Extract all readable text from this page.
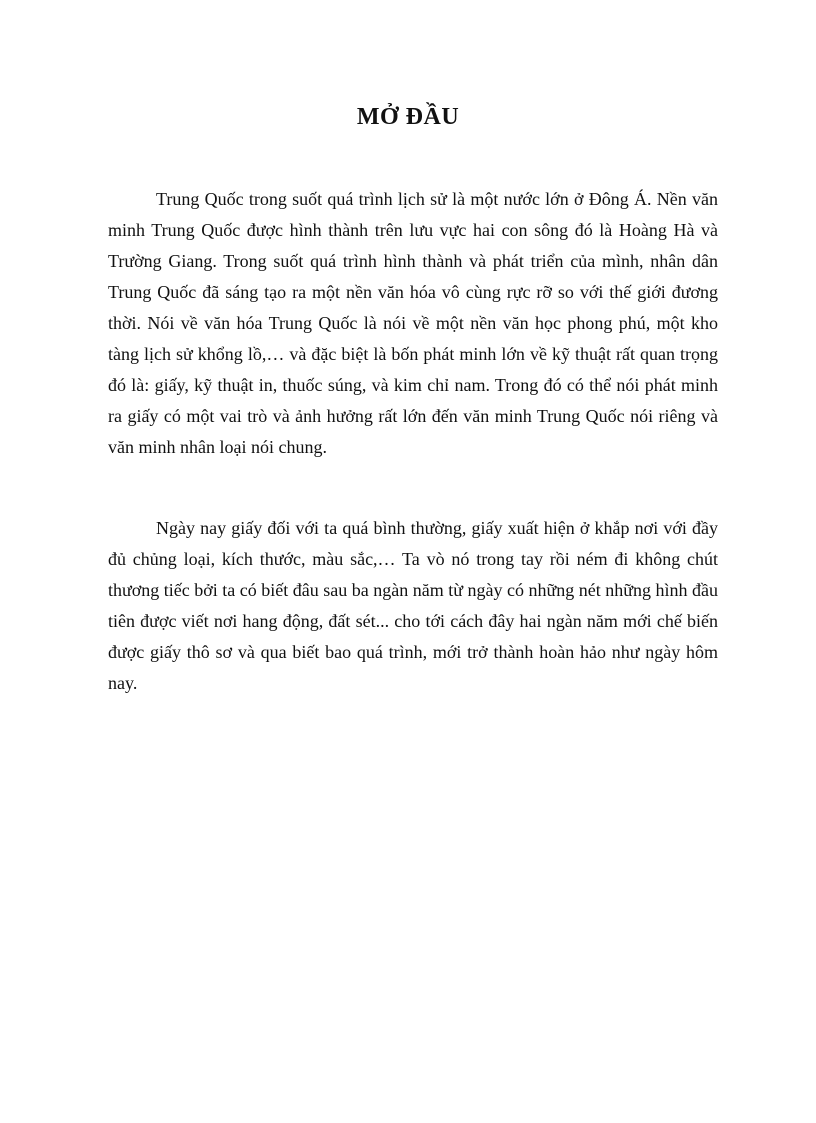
MỞ ĐẦU

Trung Quốc trong suốt quá trình lịch sử là một nước lớn ở Đông Á. Nền văn minh Trung Quốc được hình thành trên lưu vực hai con sông đó là Hoàng Hà và Trường Giang. Trong suốt quá trình hình thành và phát triển của mình, nhân dân Trung Quốc đã sáng tạo ra một nền văn hóa vô cùng rực rỡ so với thế giới đương thời. Nói về văn hóa Trung Quốc là nói về một nền văn học phong phú, một kho tàng lịch sử khổng lồ,… và đặc biệt là bốn phát minh lớn về kỹ thuật rất quan trọng đó là: giấy, kỹ thuật in, thuốc súng, và kim chỉ nam. Trong đó có thể nói phát minh ra giấy có một vai trò và ảnh hưởng rất lớn đến văn minh Trung Quốc nói riêng và văn minh nhân loại nói chung.

Ngày nay giấy đối với ta quá bình thường, giấy xuất hiện ở khắp nơi với đầy đủ chủng loại, kích thước, màu sắc,… Ta vò nó trong tay rồi ném đi không chút thương tiếc bởi ta có biết đâu sau ba ngàn năm từ ngày có những nét những hình đầu tiên được viết nơi hang động, đất sét... cho tới cách đây hai ngàn năm mới chế biến được giấy thô sơ và qua biết bao quá trình, mới trở thành hoàn hảo như ngày hôm nay.
